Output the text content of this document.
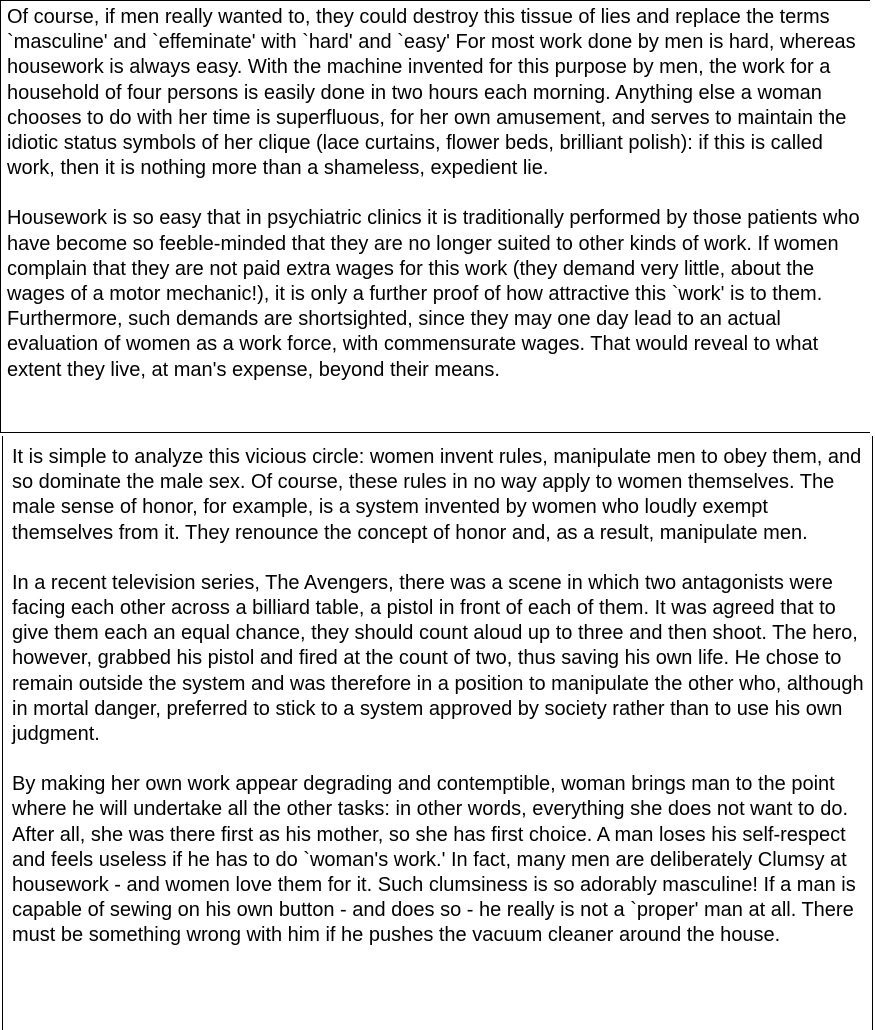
Of course, if men really wanted to, they could destroy this tissue of lies and replace the terms `masculine' and `effeminate' with `hard' and `easy' For most work done by men is hard, whereas housework is always easy. With the machine invented for this purpose by men, the work for a household of four persons is easily done in two hours each morning. Anything else a woman chooses to do with her time is superfluous, for her own amusement, and serves to maintain the idiotic status symbols of her clique (lace curtains, flower beds, brilliant polish): if this is called work, then it is nothing more than a shameless, expedient lie.

Housework is so easy that in psychiatric clinics it is traditionally performed by those patients who have become so feeble-minded that they are no longer suited to other kinds of work. If women complain that they are not paid extra wages for this work (they demand very little, about the wages of a motor mechanic!), it is only a further proof of how attractive this `work' is to them. Furthermore, such demands are shortsighted, since they may one day lead to an actual evaluation of women as a work force, with commensurate wages. That would reveal to what extent they live, at man's expense, beyond their means.

It is simple to analyze this vicious circle: women invent rules, manipulate men to obey them, and so dominate the male sex. Of course, these rules in no way apply to women themselves. The male sense of honor, for example, is a system invented by women who loudly exempt themselves from it. They renounce the concept of honor and, as a result, manipulate men.

In a recent television series, The Avengers, there was a scene in which two antagonists were facing each other across a billiard table, a pistol in front of each of them. It was agreed that to give them each an equal chance, they should count aloud up to three and then shoot. The hero, however, grabbed his pistol and fired at the count of two, thus saving his own life. He chose to remain outside the system and was therefore in a position to manipulate the other who, although in mortal danger, preferred to stick to a system approved by society rather than to use his own judgment.

By making her own work appear degrading and contemptible, woman brings man to the point where he will undertake all the other tasks: in other words, everything she does not want to do. After all, she was there first as his mother, so she has first choice. A man loses his self-respect and feels useless if he has to do `woman's work.' In fact, many men are deliberately Clumsy at housework - and women love them for it. Such clumsiness is so adorably masculine! If a man is capable of sewing on his own button - and does so - he really is not a `proper' man at all. There must be something wrong with him if he pushes the vacuum cleaner around the house.
